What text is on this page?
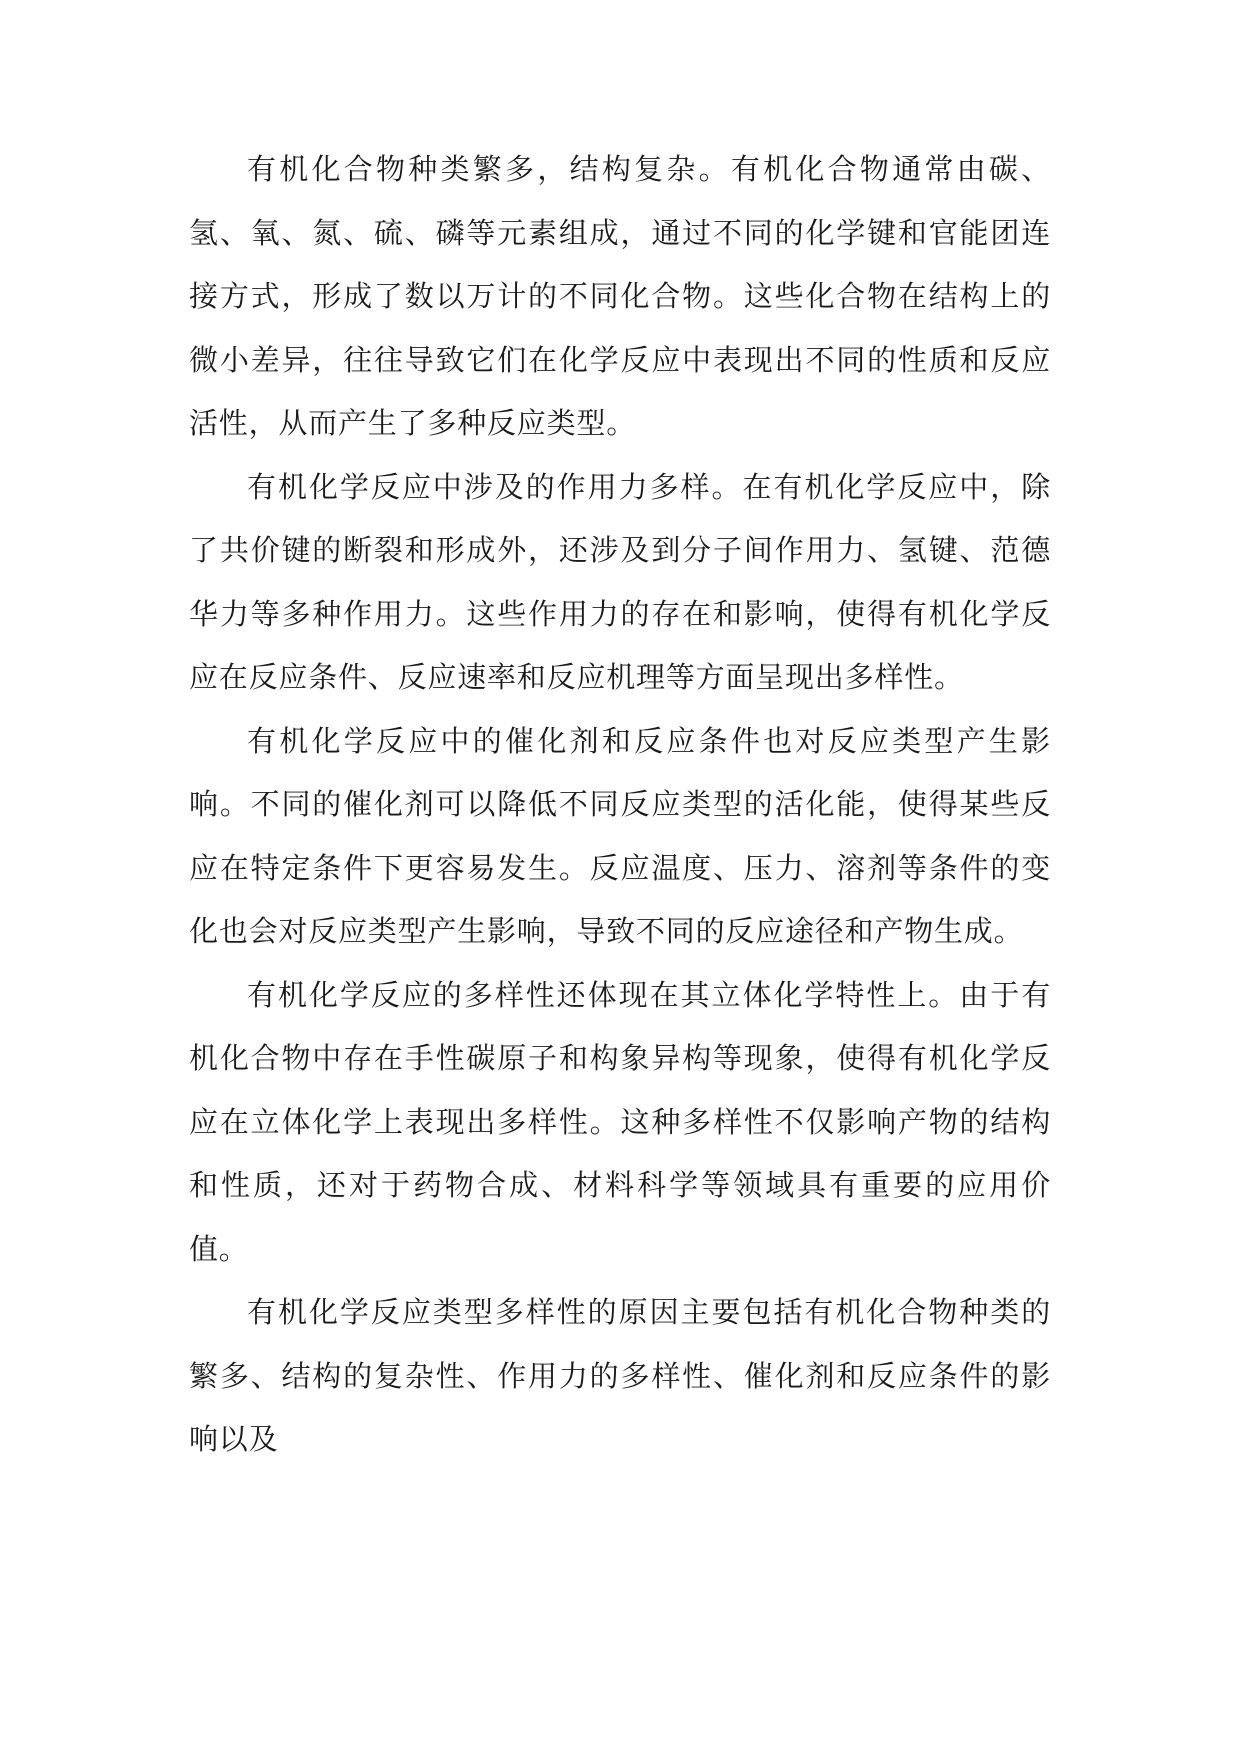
有机化合物种类繁多，结构复杂。有机化合物通常由碳、氢、氧、氮、硫、磷等元素组成，通过不同的化学键和官能团连接方式，形成了数以万计的不同化合物。这些化合物在结构上的微小差异，往往导致它们在化学反应中表现出不同的性质和反应活性，从而产生了多种反应类型。

有机化学反应中涉及的作用力多样。在有机化学反应中，除了共价键的断裂和形成外，还涉及到分子间作用力、氢键、范德华力等多种作用力。这些作用力的存在和影响，使得有机化学反应在反应条件、反应速率和反应机理等方面呈现出多样性。

有机化学反应中的催化剂和反应条件也对反应类型产生影响。不同的催化剂可以降低不同反应类型的活化能，使得某些反应在特定条件下更容易发生。反应温度、压力、溶剂等条件的变化也会对反应类型产生影响，导致不同的反应途径和产物生成。

有机化学反应的多样性还体现在其立体化学特性上。由于有机化合物中存在手性碳原子和构象异构等现象，使得有机化学反应在立体化学上表现出多样性。这种多样性不仅影响产物的结构和性质，还对于药物合成、材料科学等领域具有重要的应用价值。

有机化学反应类型多样性的原因主要包括有机化合物种类的繁多、结构的复杂性、作用力的多样性、催化剂和反应条件的影响以及
